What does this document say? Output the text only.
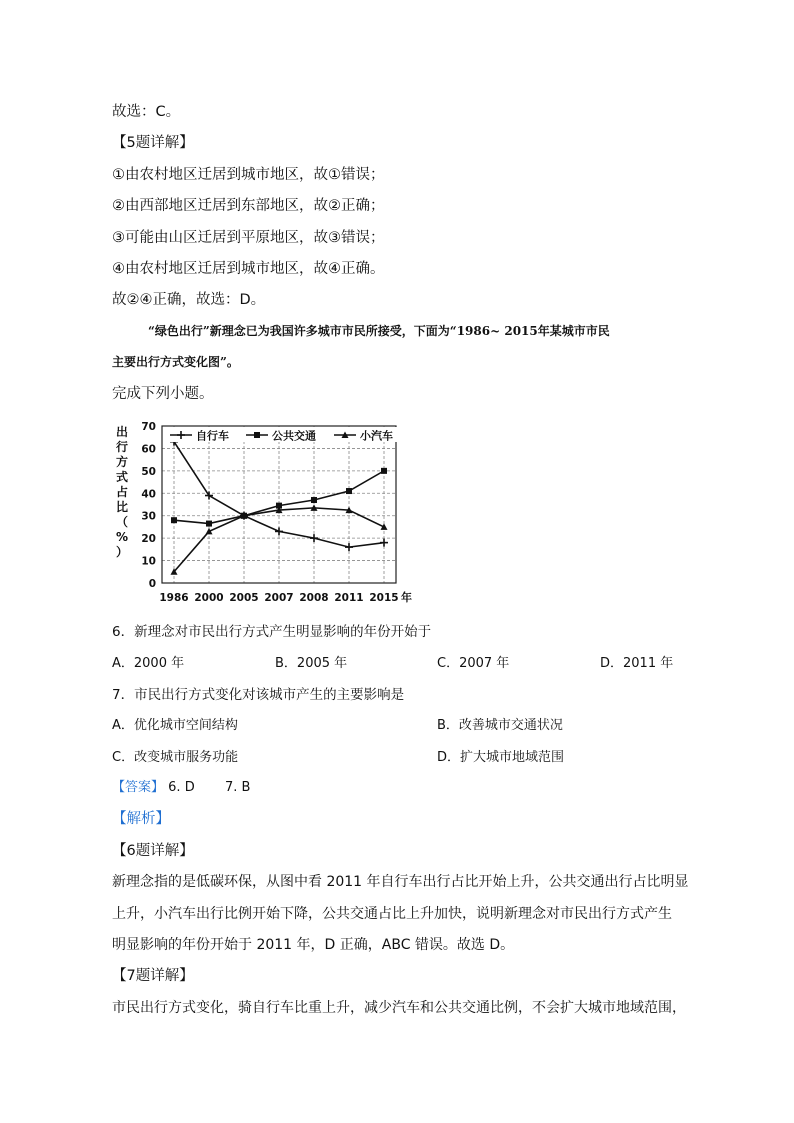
故选：C。
【5题详解】
①由农村地区迁居到城市地区，故①错误；
②由西部地区迁居到东部地区，故②正确；
③可能由山区迁居到平原地区，故③错误；
④由农村地区迁居到城市地区，故④正确。
故②④正确，故选：D。
“绿色出行”新理念已为我国许多城市市民所接受，下面为“1986~ 2015年某城市市民
主要出行方式变化图”。
完成下列小题。
出
行
方
式
占
比
（
%
）
0
10
20
30
40
50
60
70
1986 2000 2005 2007 2008 2011 2015 年
自行车	公共交通	小汽车
6．新理念对市民出行方式产生明显影响的年份开始于
A．2000 年	B．2005 年	C．2007 年	D．2011 年
7．市民出行方式变化对该城市产生的主要影响是
A．优化城市空间结构	B．改善城市交通状况
C．改变城市服务功能	D．扩大城市地域范围
【答案】 6. D 7. B
【解析】
【6题详解】
新理念指的是低碳环保，从图中看 2011 年自行车出行占比开始上升，公共交通出行占比明显
上升，小汽车出行比例开始下降，公共交通占比上升加快，说明新理念对市民出行方式产生
明显影响的年份开始于 2011 年，D 正确，ABC 错误。故选 D。
【7题详解】
市民出行方式变化，骑自行车比重上升，减少汽车和公共交通比例，不会扩大城市地域范围，
